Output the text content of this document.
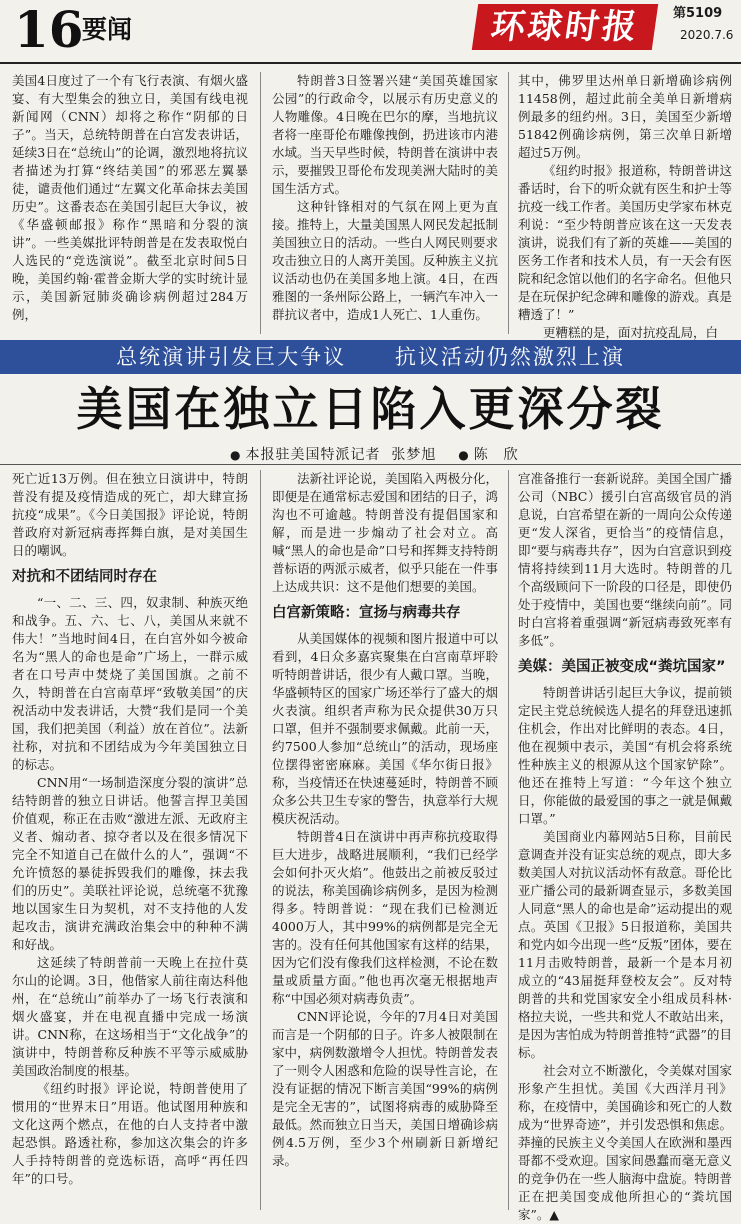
16
要闻	环球时报	第5109
2020.7.6

美国4日度过了一个有飞行表演、有烟火盛宴、有大型集会的独立日，美国有线电视新闻网（CNN）却将之称作“阴郁的日子”。当天，总统特朗普在白宫发表讲话，延续3日在“总统山”的论调，激烈地将抗议者描述为打算“终结美国”的邪恶左翼暴徒，谴责他们通过“左翼文化革命抹去美国历史”。这番表态在美国引起巨大争议，被《华盛顿邮报》称作“黑暗和分裂的演讲”。一些美媒批评特朗普是在发表取悦白人选民的“竞选演说”。截至北京时间5日晚，美国约翰·霍普金斯大学的实时统计显示，美国新冠肺炎确诊病例超过284万例，

特朗普3日签署兴建“美国英雄国家公园”的行政命令，以展示有历史意义的人物雕像。4日晚在巴尔的摩，当地抗议者将一座哥伦布雕像拽倒，扔进该市内港水域。当天早些时候，特朗普在演讲中表示，要摧毁卫哥伦布发现美洲大陆时的美国生活方式。

这种针锋相对的气氛在网上更为直接。推特上，大量美国黑人网民发起抵制美国独立日的活动。一些白人网民则要求攻击独立日的人离开美国。反种族主义抗议活动也仍在美国多地上演。4日，在西雅图的一条州际公路上，一辆汽车冲入一群抗议者中，造成1人死亡、1人重伤。

其中，佛罗里达州单日新增确诊病例11458例，超过此前全美单日新增病例最多的纽约州。3日，美国至少新增51842例确诊病例，第三次单日新增超过5万例。

《纽约时报》报道称，特朗普讲这番话时，台下的听众就有医生和护士等抗疫一线工作者。美国历史学家布林克利说：“至少特朗普应该在这一天发表演讲，说我们有了新的英雄——美国的医务工作者和技术人员，有一天会有医院和纪念馆以他们的名字命名。但他只是在玩保护纪念碑和雕像的游戏。真是糟透了！”

更糟糕的是，面对抗疫乱局，白

总统演讲引发巨大争议 抗议活动仍然激烈上演
美国在独立日陷入更深分裂
● 本报驻美国特派记者 张梦旭 ● 陈　欣

死亡近13万例。但在独立日演讲中，特朗普没有提及疫情造成的死亡，却大肆宣扬抗疫“成果”。《今日美国报》评论说，特朗普政府对新冠病毒挥舞白旗，是对美国生日的嘲讽。

对抗和不团结同时存在

“一、二、三、四，奴隶制、种族灭绝和战争。五、六、七、八，美国从来就不伟大！”当地时间4日，在白宫外如今被命名为“黑人的命也是命”广场上，一群示威者在口号声中焚烧了美国国旗。之前不久，特朗普在白宫南草坪“致敬美国”的庆祝活动中发表讲话，大赞“我们是同一个美国，我们把美国（利益）放在首位”。法新社称，对抗和不团结成为今年美国独立日的标志。

CNN用“一场制造深度分裂的演讲”总结特朗普的独立日讲话。他誓言捍卫美国价值观，称正在击败“激进左派、无政府主义者、煽动者、掠夺者以及在很多情况下完全不知道自己在做什么的人”，强调“不允许愤怒的暴徒拆毁我们的雕像，抹去我们的历史”。美联社评论说，总统毫不犹豫地以国家生日为契机，对不支持他的人发起攻击，演讲充满政治集会中的种种不满和好战。

这延续了特朗普前一天晚上在拉什莫尔山的论调。3日，他偕家人前往南达科他州，在“总统山”前举办了一场飞行表演和烟火盛宴，并在电视直播中完成一场演讲。CNN称，在这场相当于“文化战争”的演讲中，特朗普称反种族不平等示威威胁美国政治制度的根基。

《纽约时报》评论说，特朗普使用了惯用的“世界末日”用语。他试图用种族和文化这两个燃点，在他的白人支持者中激起恐惧。路透社称，参加这次集会的许多人手持特朗普的竞选标语，高呼“再任四年”的口号。

法新社评论说，美国陷入两极分化，即便是在通常标志爱国和团结的日子，鸿沟也不可逾越。特朗普没有提倡国家和解，而是进一步煽动了社会对立。高喊“黑人的命也是命”口号和挥舞支持特朗普标语的两派示威者，似乎只能在一件事上达成共识：这不是他们想要的美国。

白宫新策略：宣扬与病毒共存

从美国媒体的视频和图片报道中可以看到，4日众多嘉宾聚集在白宫南草坪聆听特朗普讲话，很少有人戴口罩。当晚，华盛顿特区的国家广场还举行了盛大的烟火表演。组织者声称为民众提供30万只口罩，但并不强制要求佩戴。此前一天，约7500人参加“总统山”的活动，现场座位摆得密密麻麻。美国《华尔街日报》称，当疫情还在快速蔓延时，特朗普不顾众多公共卫生专家的警告，执意举行大规模庆祝活动。

特朗普4日在演讲中再声称抗疫取得巨大进步，战略进展顺利，“我们已经学会如何扑灭火焰”。他鼓出之前被反驳过的说法，称美国确诊病例多，是因为检测得多。特朗普说：“现在我们已检测近4000万人，其中99%的病例都是完全无害的。没有任何其他国家有这样的结果，因为它们没有像我们这样检测，不论在数量或质量方面。”他也再次毫无根据地声称“中国必须对病毒负责”。

CNN评论说，今年的7月4日对美国而言是一个阴郁的日子。许多人被限制在家中，病例数激增令人担忧。特朗普发表了一则令人困惑和危险的误导性言论，在没有证据的情况下断言美国“99%的病例是完全无害的”，试图将病毒的威胁降至最低。然而独立日当天，美国日增确诊病例4.5万例，至少3个州刷新日新增纪录。

宫准备推行一套新说辞。美国全国广播公司（NBC）援引白宫高级官员的消息说，白宫希望在新的一周向公众传递更“发人深省，更恰当”的疫情信息，即“要与病毒共存”，因为白宫意识到疫情将持续到11月大选时。特朗普的几个高级顾问下一阶段的口径是，即使仍处于疫情中，美国也要“继续向前”。同时白宫将着重强调“新冠病毒致死率有多低”。

美媒：美国正被变成“粪坑国家”

特朗普讲话引起巨大争议，提前锁定民主党总统候选人提名的拜登迅速抓住机会，作出对比鲜明的表态。4日，他在视频中表示，美国“有机会将系统性种族主义的根源从这个国家铲除”。他还在推特上写道：“今年这个独立日，你能做的最爱国的事之一就是佩戴口罩。”

美国商业内幕网站5日称，目前民意调查并没有证实总统的观点，即大多数美国人对抗议活动怀有敌意。哥伦比亚广播公司的最新调查显示，多数美国人同意“黑人的命也是命”运动提出的观点。英国《卫报》5日报道称，美国共和党内如今出现一些“反叛”团体，要在11月击败特朗普，最新一个是本月初成立的“43届挺拜登校友会”。反对特朗普的共和党国家安全小组成员科林·格拉夫说，一些共和党人不敢站出来，是因为害怕成为特朗普推特“武器”的目标。

社会对立不断激化，令美媒对国家形象产生担忧。美国《大西洋月刊》称，在疫情中，美国确诊和死亡的人数成为“世界奇迹”，并引发恐惧和焦虑。莽撞的民族主义令美国人在欧洲和墨西哥都不受欢迎。国家间愚蠢而毫无意义的竞争仍在一些人脑海中盘旋。特朗普正在把美国变成他所担心的“粪坑国家”。▲
